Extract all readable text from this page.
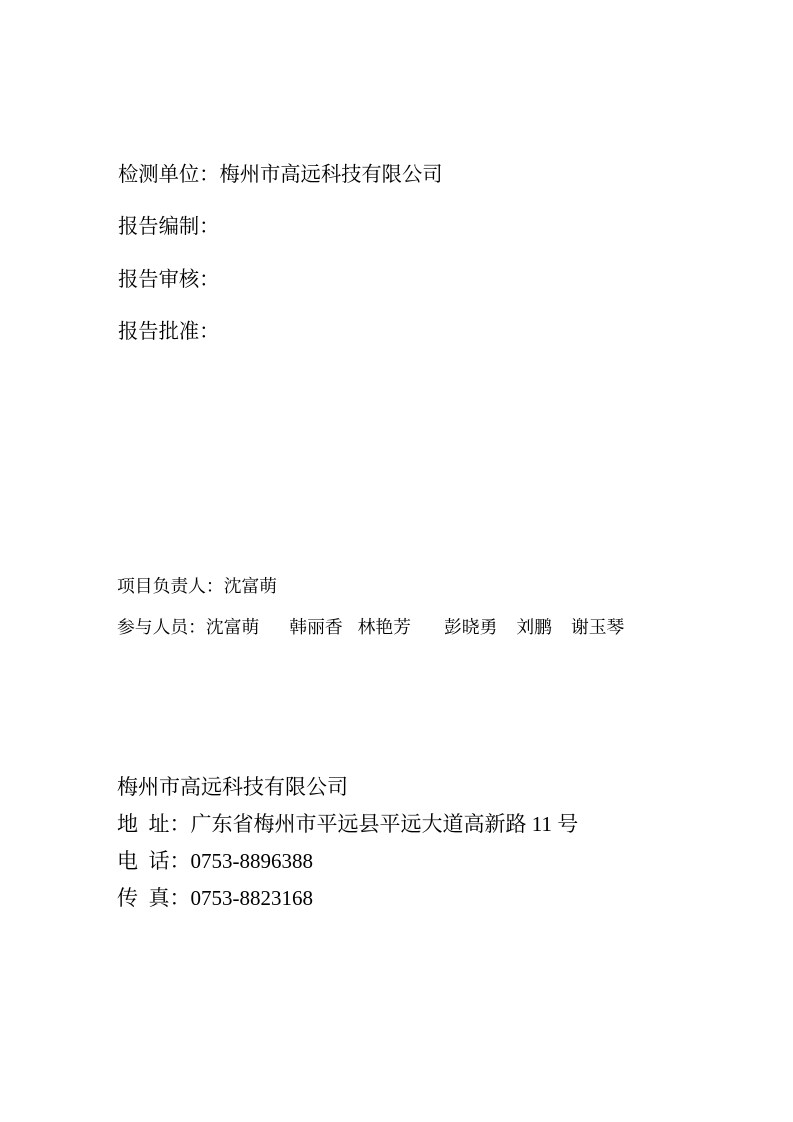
检测单位：梅州市高远科技有限公司

报告编制：

报告审核：

报告批准：

项目负责人：沈富萌

参与人员：沈富萌 韩丽香 林艳芳 彭晓勇 刘鹏 谢玉琴

梅州市高远科技有限公司

地  址：广东省梅州市平远县平远大道高新路 11 号

电  话：0753-8896388

传  真：0753-8823168
